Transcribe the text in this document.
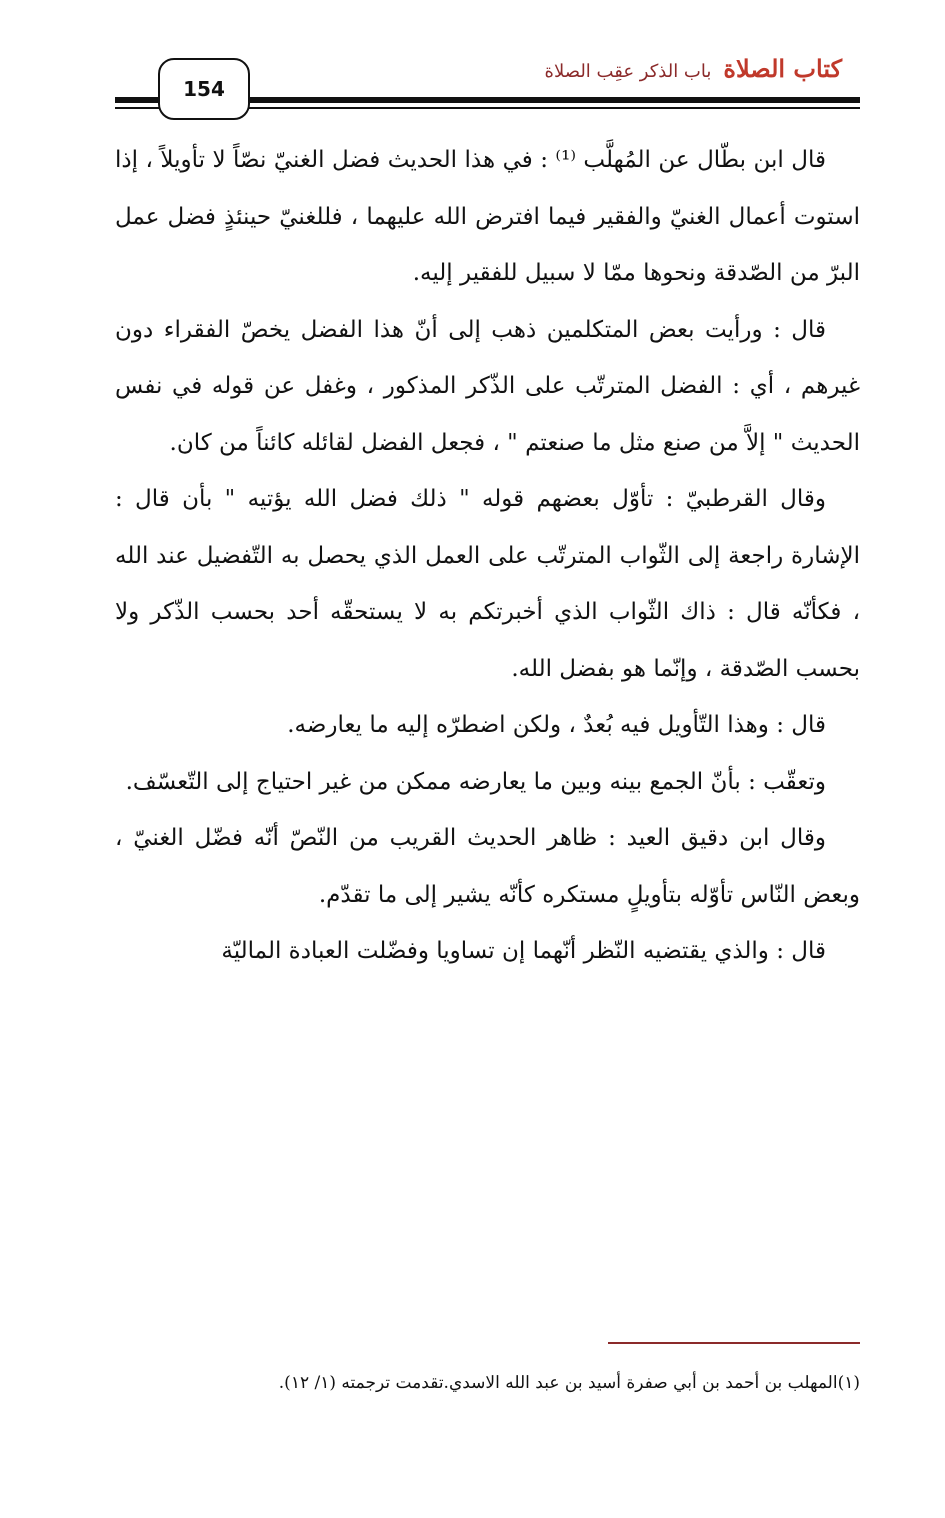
كتاب الصلاة
باب الذكر عقِب الصلاة
154

قال ابن بطّال عن المُهلَّب ⁽¹⁾ : في هذا الحديث فضل الغنيّ نصّاً لا تأويلاً ، إذا استوت أعمال الغنيّ والفقير فيما افترض الله عليهما ، فللغنيّ حينئذٍ فضل عمل البرّ من الصّدقة ونحوها ممّا لا سبيل للفقير إليه.

قال : ورأيت بعض المتكلمين ذهب إلى أنّ هذا الفضل يخصّ الفقراء دون غيرهم ، أي : الفضل المترتّب على الذّكر المذكور ، وغفل عن قوله في نفس الحديث " إلاَّ من صنع مثل ما صنعتم " ، فجعل الفضل لقائله كائناً من كان.

وقال القرطبيّ : تأوّل بعضهم قوله " ذلك فضل الله يؤتيه " بأن قال : الإشارة راجعة إلى الثّواب المترتّب على العمل الذي يحصل به التّفضيل عند الله ، فكأنّه قال : ذاك الثّواب الذي أخبرتكم به لا يستحقّه أحد بحسب الذّكر ولا بحسب الصّدقة ، وإنّما هو بفضل الله.

قال : وهذا التّأويل فيه بُعدٌ ، ولكن اضطرّه إليه ما يعارضه.

وتعقّب : بأنّ الجمع بينه وبين ما يعارضه ممكن من غير احتياج إلى التّعسّف.

وقال ابن دقيق العيد : ظاهر الحديث القريب من النّصّ أنّه فضّل الغنيّ ، وبعض النّاس تأوّله بتأويلٍ مستكره كأنّه يشير إلى ما تقدّم.

قال : والذي يقتضيه النّظر أنّهما إن تساويا وفضّلت العبادة الماليّة

(١)المهلب بن أحمد بن أبي صفرة أسيد بن عبد الله الاسدي.تقدمت ترجمته (١/ ١٢).
